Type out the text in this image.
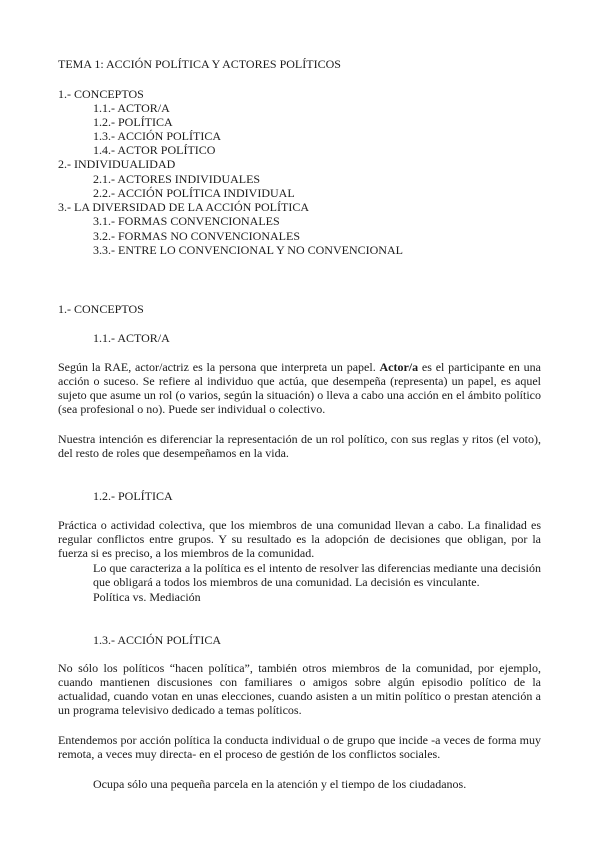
TEMA 1: ACCIÓN POLÍTICA Y ACTORES POLÍTICOS
1.- CONCEPTOS
1.1.- ACTOR/A
1.2.- POLÍTICA
1.3.- ACCIÓN POLÍTICA
1.4.- ACTOR POLÍTICO
2.- INDIVIDUALIDAD
2.1.- ACTORES INDIVIDUALES
2.2.- ACCIÓN POLÍTICA INDIVIDUAL
3.- LA DIVERSIDAD DE LA ACCIÓN POLÍTICA
3.1.- FORMAS CONVENCIONALES
3.2.- FORMAS NO CONVENCIONALES
3.3.- ENTRE LO CONVENCIONAL Y NO CONVENCIONAL
1.- CONCEPTOS
1.1.- ACTOR/A
Según la RAE, actor/actriz es la persona que interpreta un papel. Actor/a es el participante en una acción o suceso. Se refiere al individuo que actúa, que desempeña (representa) un papel, es aquel sujeto que asume un rol (o varios, según la situación) o lleva a cabo una acción en el ámbito político (sea profesional o no). Puede ser individual o colectivo.
Nuestra intención es diferenciar la representación de un rol político, con sus reglas y ritos (el voto), del resto de roles que desempeñamos en la vida.
1.2.- POLÍTICA
Práctica o actividad colectiva, que los miembros de una comunidad llevan a cabo. La finalidad es regular conflictos entre grupos. Y su resultado es la adopción de decisiones que obligan, por la fuerza si es preciso, a los miembros de la comunidad.
Lo que caracteriza a la política es el intento de resolver las diferencias mediante una decisión que obligará a todos los miembros de una comunidad. La decisión es vinculante.
Política vs. Mediación
1.3.- ACCIÓN POLÍTICA
No sólo los políticos “hacen política”, también otros miembros de la comunidad, por ejemplo, cuando mantienen discusiones con familiares o amigos sobre algún episodio político de la actualidad, cuando votan en unas elecciones, cuando asisten a un mitin político o prestan atención a un programa televisivo dedicado a temas políticos.
Entendemos por acción política la conducta individual o de grupo que incide -a veces de forma muy remota, a veces muy directa- en el proceso de gestión de los conflictos sociales.
Ocupa sólo una pequeña parcela en la atención y el tiempo de los ciudadanos.
